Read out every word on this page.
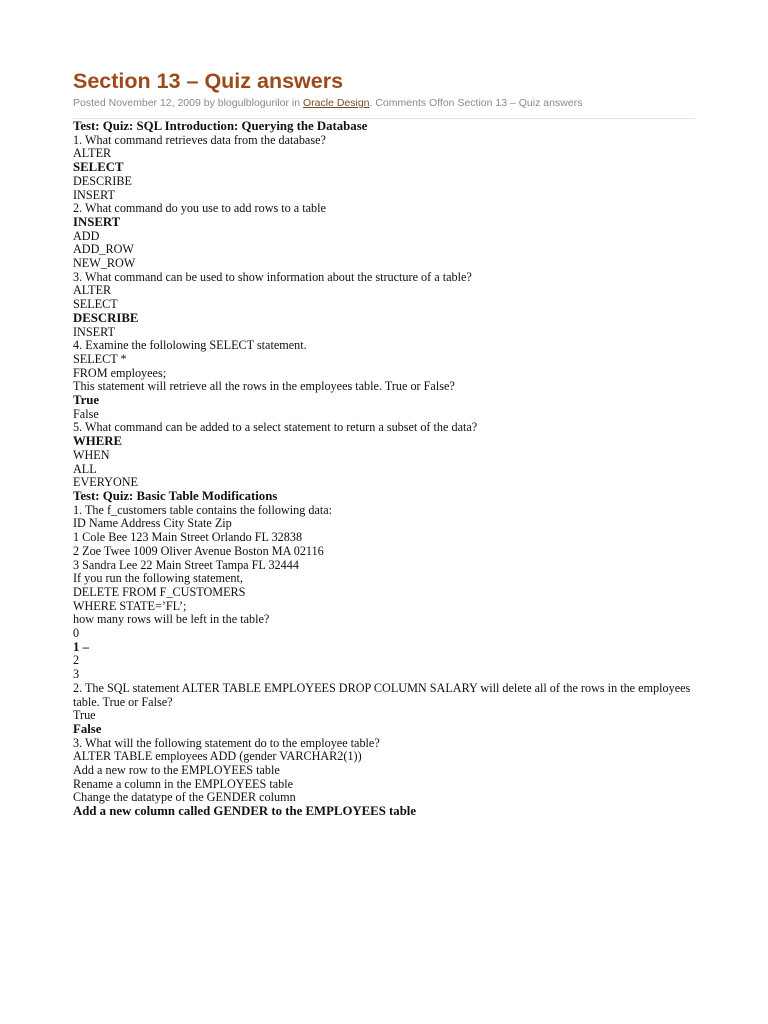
Section 13 – Quiz answers
Posted November 12, 2009 by blogulblogurilor in Oracle Design. Comments Offon Section 13 – Quiz answers
Test: Quiz: SQL Introduction: Querying the Database
1. What command retrieves data from the database?
ALTER
SELECT
DESCRIBE
INSERT
2. What command do you use to add rows to a table
INSERT
ADD
ADD_ROW
NEW_ROW
3. What command can be used to show information about the structure of a table?
ALTER
SELECT
DESCRIBE
INSERT
4. Examine the follolowing SELECT statement.
SELECT *
FROM employees;
This statement will retrieve all the rows in the employees table. True or False?
True
False
5. What command can be added to a select statement to return a subset of the data?
WHERE
WHEN
ALL
EVERYONE
Test: Quiz: Basic Table Modifications
1. The f_customers table contains the following data:
ID Name Address City State Zip
1 Cole Bee 123 Main Street Orlando FL 32838
2 Zoe Twee 1009 Oliver Avenue Boston MA 02116
3 Sandra Lee 22 Main Street Tampa FL 32444
If you run the following statement,
DELETE FROM F_CUSTOMERS
WHERE STATE=’FL’;
how many rows will be left in the table?
0
1 –
2
3
2. The SQL statement ALTER TABLE EMPLOYEES DROP COLUMN SALARY will delete all of the rows in the employees table. True or False?
True
False
3. What will the following statement do to the employee table?
ALTER TABLE employees ADD (gender VARCHAR2(1))
Add a new row to the EMPLOYEES table
Rename a column in the EMPLOYEES table
Change the datatype of the GENDER column
Add a new column called GENDER to the EMPLOYEES table
